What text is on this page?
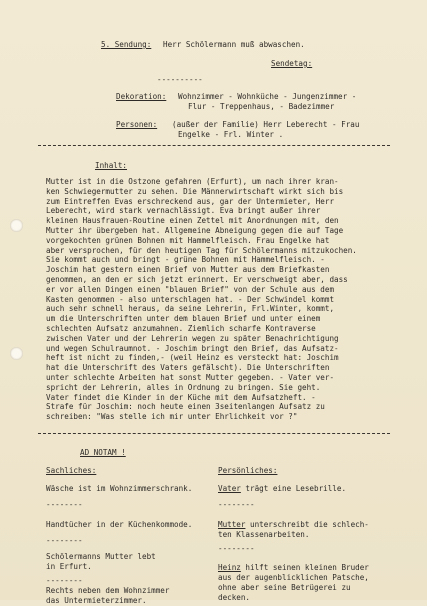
5. Sendung: Herr Schölermann muß abwaschen.
Sendetag:
----------
Dekoration: Wohnzimmer - Wohnküche - Jungenzimmer -
Flur - Treppenhaus, - Badezimmer
Personen: (außer der Familie) Herr Leberecht - Frau
Engelke - Frl. Winter .
Inhalt:
Mutter ist in die Ostzone gefahren (Erfurt), um nach ihrer kran-
ken Schwiegermutter zu sehen. Die Männerwirtschaft wirkt sich bis
zum Eintreffen Evas erschreckend aus, gar der Untermieter, Herr
Leberecht, wird stark vernachlässigt. Eva bringt außer ihrer
kleinen Hausfrauen-Routine einen Zettel mit Anordnungen mit, den
Mutter ihr übergeben hat. Allgemeine Abneigung gegen die auf Tage
vorgekochten grünen Bohnen mit Hammelfleisch. Frau Engelke hat
aber versprochen, für den heutigen Tag für Schölermanns mitzukochen.
Sie kommt auch und bringt - grüne Bohnen mit Hammelfleisch. -
Joschim hat gestern einen Brief von Mutter aus dem Briefkasten
genommen, an den er sich jetzt erinnert. Er verschweigt aber, dass
er vor allen Dingen einen "blauen Brief" von der Schule aus dem
Kasten genommen - also unterschlagen hat. - Der Schwindel kommt
auch sehr schnell heraus, da seine Lehrerin, Frl.Winter, kommt,
um die Unterschriften unter dem blauen Brief und unter einem
schlechten Aufsatz anzumahnen. Ziemlich scharfe Kontraverse
zwischen Vater und der Lehrerin wegen zu später Benachrichtigung
und wegen Schulraumnot. - Joschim bringt den Brief, das Aufsatz-
heft ist nicht zu finden,- (weil Heinz es versteckt hat: Joschim
hat die Unterschrift des Vaters gefälscht). Die Unterschriften
unter schlechte Arbeiten hat sonst Mutter gegeben. - Vater ver-
spricht der Lehrerin, alles in Ordnung zu bringen. Sie geht.
Vater findet die Kinder in der Küche mit dem Aufsatzheft. -
Strafe für Joschim: noch heute einen 3seitenlangen Aufsatz zu
schreiben: "Was stelle ich mir unter Ehrlichkeit vor ?"
AD NOTAM !
Sachliches:	Persönliches:
Wäsche ist im Wohnzimmerschrank.
--------
Handtücher in der Küchenkommode.
--------
Schölermanns Mutter lebt
in Erfurt.
--------
Rechts neben dem Wohnzimmer
das Untermieterzimmer.
Vater trägt eine Lesebrille.
--------
Mutter unterschreibt die schlech-
ten Klassenarbeiten.
--------
Heinz hilft seinen kleinen Bruder
aus der augenblicklichen Patsche,
ohne aber seine Betrügerei zu
decken.
